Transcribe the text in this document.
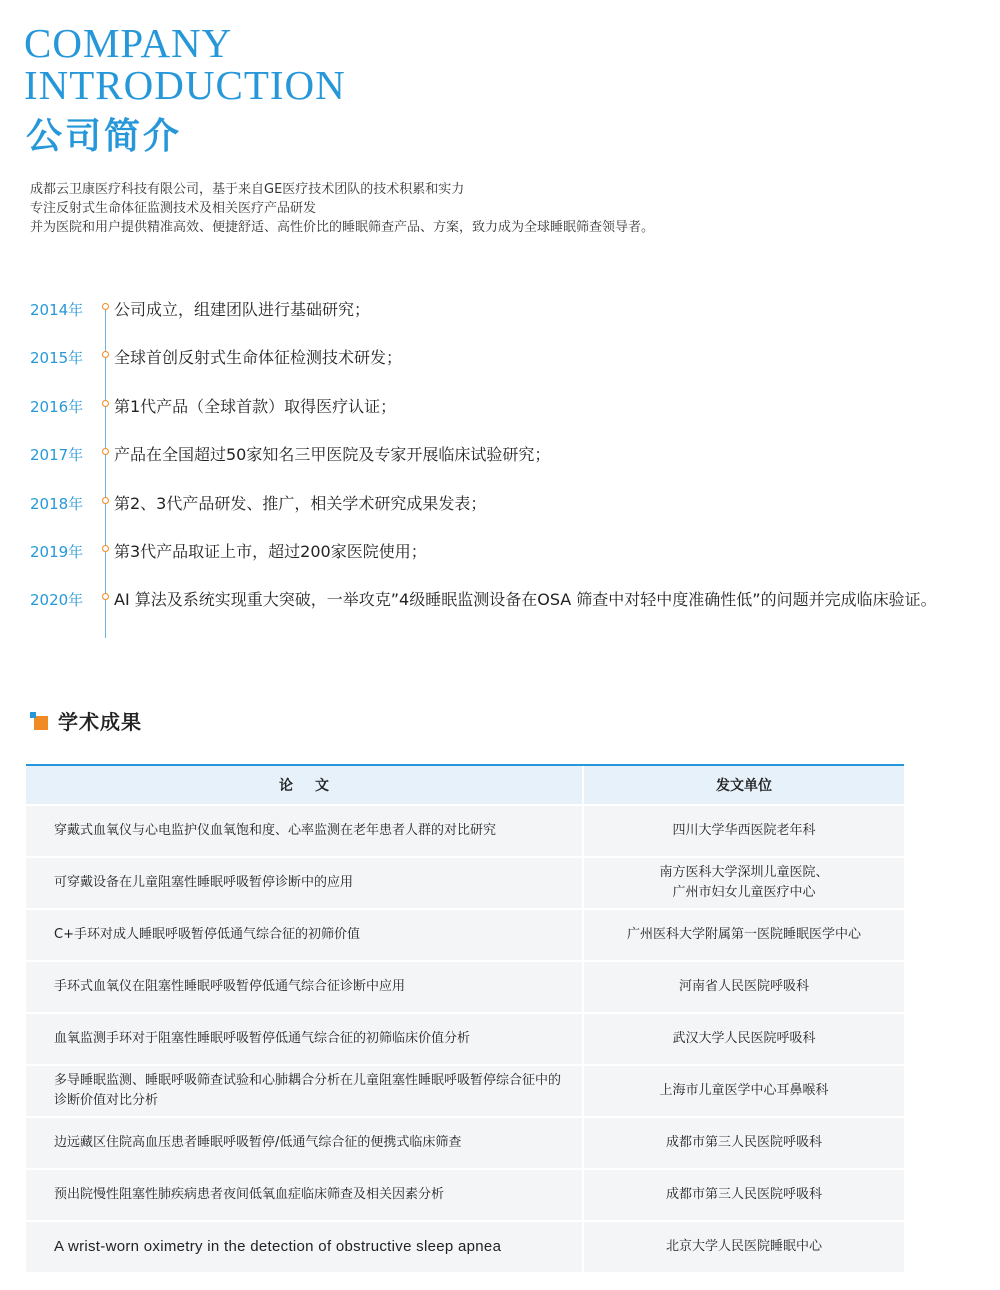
COMPANY
INTRODUCTION
公司简介
成都云卫康医疗科技有限公司，基于来自GE医疗技术团队的技术积累和实力
专注反射式生命体征监测技术及相关医疗产品研发
并为医院和用户提供精准高效、便捷舒适、高性价比的睡眠筛查产品、方案，致力成为全球睡眠筛查领导者。
2014年	公司成立，组建团队进行基础研究；
2015年	全球首创反射式生命体征检测技术研发；
2016年	第1代产品（全球首款）取得医疗认证；
2017年	产品在全国超过50家知名三甲医院及专家开展临床试验研究；
2018年	第2、3代产品研发、推广，相关学术研究成果发表；
2019年	第3代产品取证上市，超过200家医院使用；
2020年	AI 算法及系统实现重大突破，一举攻克”4级睡眠监测设备在OSA 筛查中对轻中度准确性低”的问题并完成临床验证。
学术成果
论文	发文单位
穿戴式血氧仪与心电监护仪血氧饱和度、心率监测在老年患者人群的对比研究	四川大学华西医院老年科
可穿戴设备在儿童阻塞性睡眠呼吸暂停诊断中的应用	南方医科大学深圳儿童医院、
广州市妇女儿童医疗中心
C+手环对成人睡眠呼吸暂停低通气综合征的初筛价值	广州医科大学附属第一医院睡眠医学中心
手环式血氧仪在阻塞性睡眠呼吸暂停低通气综合征诊断中应用	河南省人民医院呼吸科
血氧监测手环对于阻塞性睡眠呼吸暂停低通气综合征的初筛临床价值分析	武汉大学人民医院呼吸科
多导睡眠监测、睡眠呼吸筛查试验和心肺耦合分析在儿童阻塞性睡眠呼吸暂停综合征中的诊断价值对比分析	上海市儿童医学中心耳鼻喉科
边远藏区住院高血压患者睡眠呼吸暂停/低通气综合征的便携式临床筛查	成都市第三人民医院呼吸科
预出院慢性阻塞性肺疾病患者夜间低氧血症临床筛查及相关因素分析	成都市第三人民医院呼吸科
A wrist-worn oximetry in the detection of obstructive sleep apnea	北京大学人民医院睡眠中心
